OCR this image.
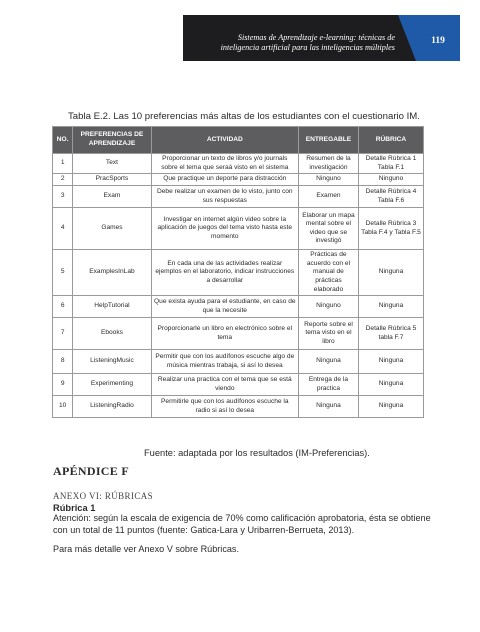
Sistemas de Aprendizaje e-learning: técnicas de
inteligencia artificial para las inteligencias múltiples
119
Tabla E.2. Las 10 preferencias más altas de los estudiantes con el cuestionario IM.
NO.	PREFERENCIAS DE APRENDIZAJE	ACTIVIDAD	ENTREGABLE	RÚBRICA
1	Text	Proporcionar un texto de libros y/o journals sobre el tema que seraá visto en el sistema	Resumen de la investigación	Detalle Rúbrica 1 Tabla F.1
2	PracSports	Que practique un deporte para distracción	Ninguno	Ninguno
3	Exam	Debe realizar un examen de lo visto, junto con sus respuestas	Examen	Detalle Rúbrica 4 Tabla F.6
4	Games	Investigar en internet algún video sobre la aplicación de juegos del tema visto hasta este momento	Elaborar un mapa mental sobre el video que se investigó	Detalle Rúbrica 3 Tabla F.4 y Tabla F.5
5	ExamplesInLab	En cada una de las actividades realizar ejemplos en el laboratorio, indicar instrucciones a desarrollar	Prácticas de acuerdo con el manual de prácticas elaborado	Ninguna
6	HelpTutorial	Que exista ayuda para el estudiante, en caso de que la necesite	Ninguno	Ninguna
7	Ebooks	Proporcionarle un libro en electrónico sobre el tema	Reporte sobre el tema visto en el libro	Detalle Rúbrica 5 tabla F.7
8	ListeningMusic	Permitir que con los audífonos escuche algo de música mientras trabaja, si así lo desea	Ninguna	Ninguna
9	Experimenting	Realizar una practica con el tema que se está viendo	Entrega de la practica	Ninguna
10	ListeningRadio	Permitirle que con los audífonos escuche la radio si así lo desea	Ninguna	Ninguna
Fuente: adaptada por los resultados (IM-Preferencias).
APÉNDICE F
ANEXO VI: RÚBRICAS
Rúbrica 1
Atención: según la escala de exigencia de 70% como calificación aprobatoria, ésta se obtiene con un total de 11 puntos (fuente: Gatica-Lara y Uribarren-Berrueta, 2013).
Para más detalle ver Anexo V sobre Rúbricas.
